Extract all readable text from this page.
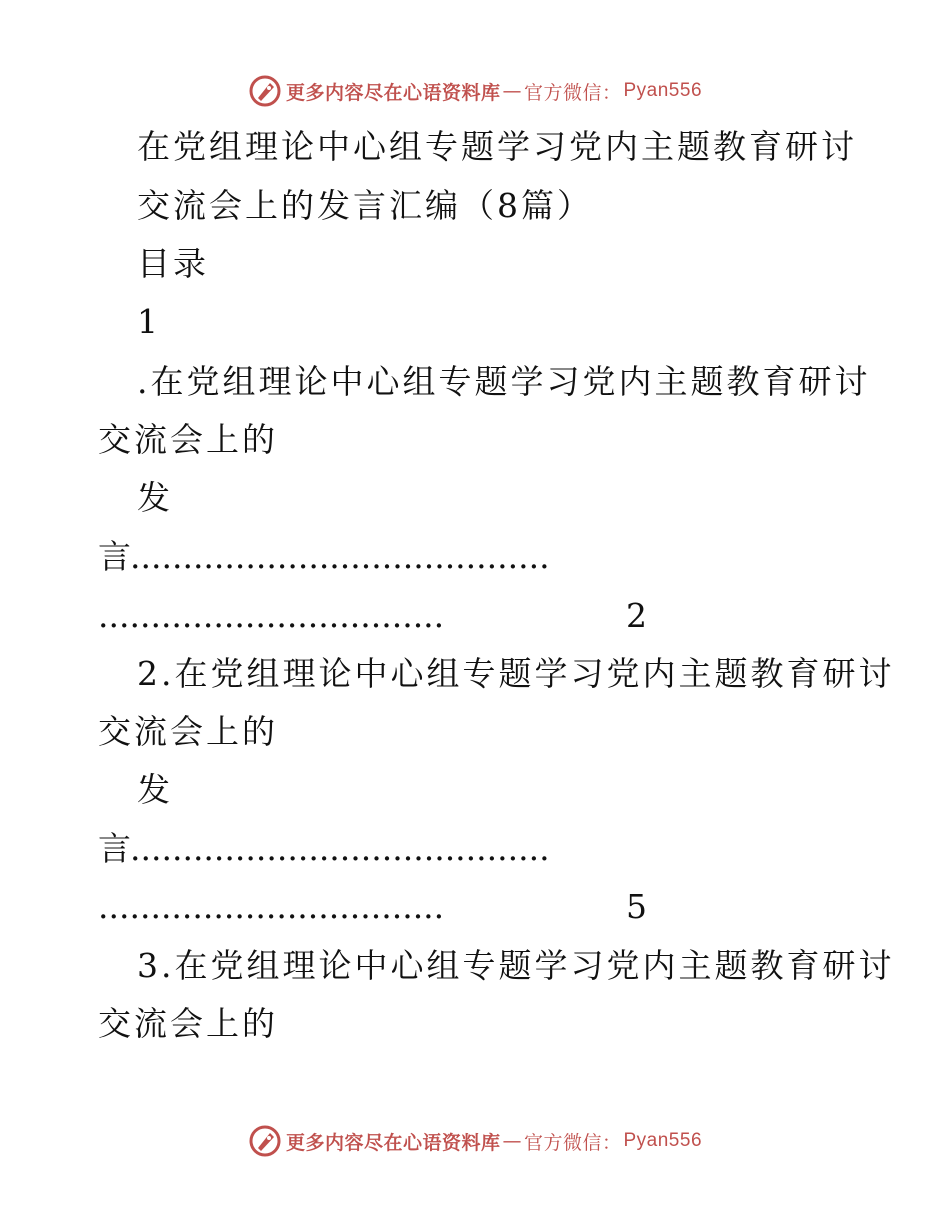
更多内容尽在心语资料库 — 官方微信： Pyan556
在党组理论中心组专题学习党内主题教育研讨
交流会上的发言汇编（8篇）
目录
1
.在党组理论中心组专题学习党内主题教育研讨
交流会上的
发
言
........................................
.................................	2
2.在党组理论中心组专题学习党内主题教育研讨
交流会上的
发
言
........................................
.................................	5
3.在党组理论中心组专题学习党内主题教育研讨
交流会上的
更多内容尽在心语资料库 — 官方微信： Pyan556
